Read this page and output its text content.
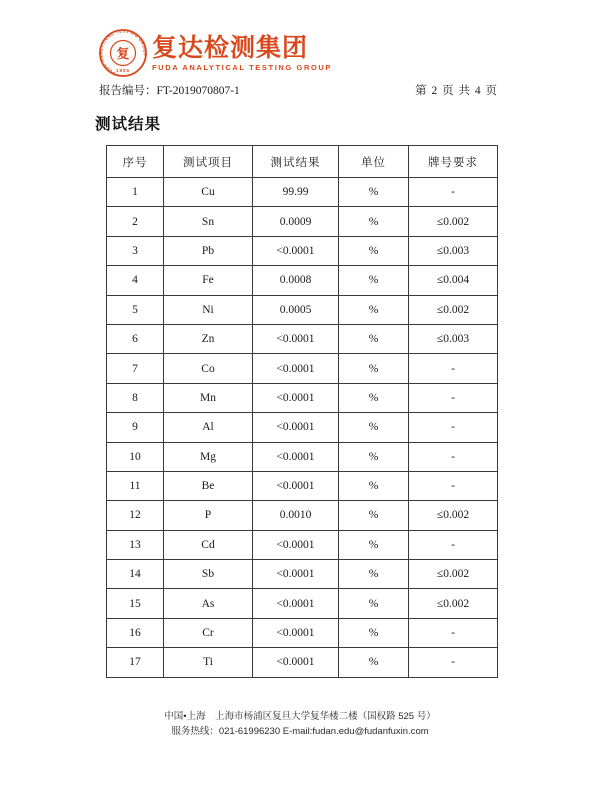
FUDA ANALYTICAL TESTING GROUP
复
1905
复达检测集团
FUDA ANALYTICAL TESTING GROUP
报告编号：FT-2019070807-1	第 2 页 共 4 页
测试结果
序号	测试项目	测试结果	单位	牌号要求
1	Cu	99.99	%	-
2	Sn	0.0009	%	≤0.002
3	Pb	<0.0001	%	≤0.003
4	Fe	0.0008	%	≤0.004
5	Ni	0.0005	%	≤0.002
6	Zn	<0.0001	%	≤0.003
7	Co	<0.0001	%	-
8	Mn	<0.0001	%	-
9	Al	<0.0001	%	-
10	Mg	<0.0001	%	-
11	Be	<0.0001	%	-
12	P	0.0010	%	≤0.002
13	Cd	<0.0001	%	-
14	Sb	<0.0001	%	≤0.002
15	As	<0.0001	%	≤0.002
16	Cr	<0.0001	%	-
17	Ti	<0.0001	%	-
中国•上海　上海市杨浦区复旦大学复华楼二楼（国权路 525 号）
服务热线：021-61996230 E-mail:fudan.edu@fudanfuxin.com
